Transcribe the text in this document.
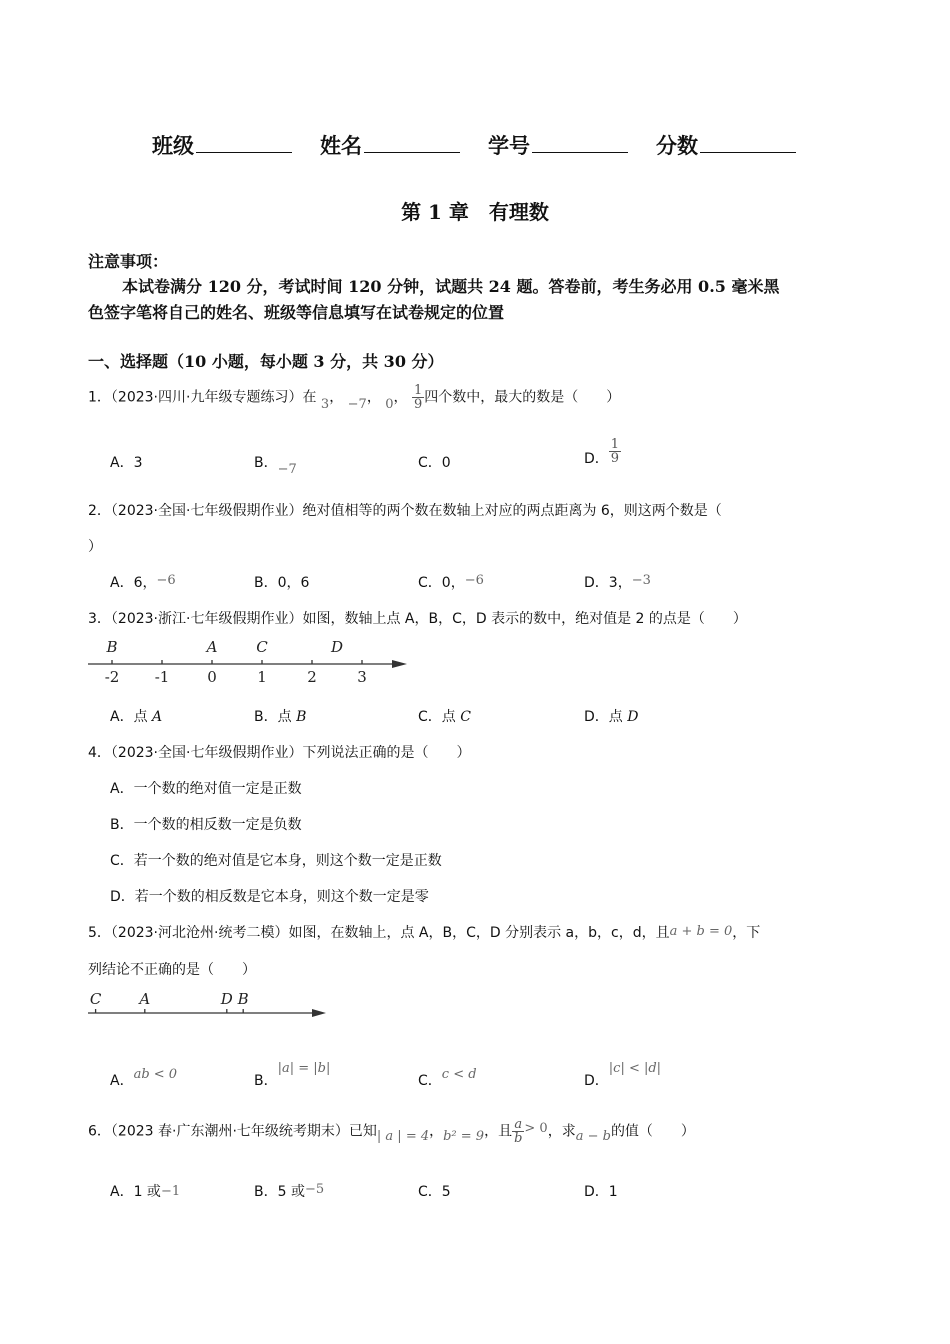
班级	姓名	学号	分数
第 1 章　有理数
注意事项：
本试卷满分 120 分，考试时间 120 分钟，试题共 24 题。答卷前，考生务必用 0.5 毫米黑
色签字笔将自己的姓名、班级等信息填写在试卷规定的位置
一、选择题（10 小题，每小题 3 分，共 30 分）
1．（2023·四川·九年级专题练习）在 3， −7， 0， $\frac{1}{9}$ 四个数中，最大的数是（　　）
A．3	B．−7	C．0	D． $\frac{1}{9}$
2．（2023·全国·七年级假期作业）绝对值相等的两个数在数轴上对应的两点距离为 6，则这两个数是（
）
A．6，−6	B．0，6	C．0，−6	D．3，−3
3．（2023·浙江·七年级假期作业）如图，数轴上点 A，B，C，D 表示的数中，绝对值是 2 的点是（　　）
-2 -1	0	1	2	3
B	A	C	D
A．点 A	B．点 B	C．点 C	D．点 D
4．（2023·全国·七年级假期作业）下列说法正确的是（　　）
A．一个数的绝对值一定是正数
B．一个数的相反数一定是负数
C．若一个数的绝对值是它本身，则这个数一定是正数
D．若一个数的相反数是它本身，则这个数一定是零
5．（2023·河北沧州·统考二模）如图，在数轴上，点 A，B，C，D 分别表示 a，b，c，d，且a + b = 0，下
列结论不正确的是（　　）
C	A	D B
A．ab < 0	B．|a| = |b|
C．c < d	D．|c| < |d|
6．（2023 春·广东潮州·七年级统考期末）已知| a | = 4，b² = 9，且 $\frac{a}{b} > 0$，求a − b的值（　　）
A．1 或−1	B．5 或−5	C．5	D．1
